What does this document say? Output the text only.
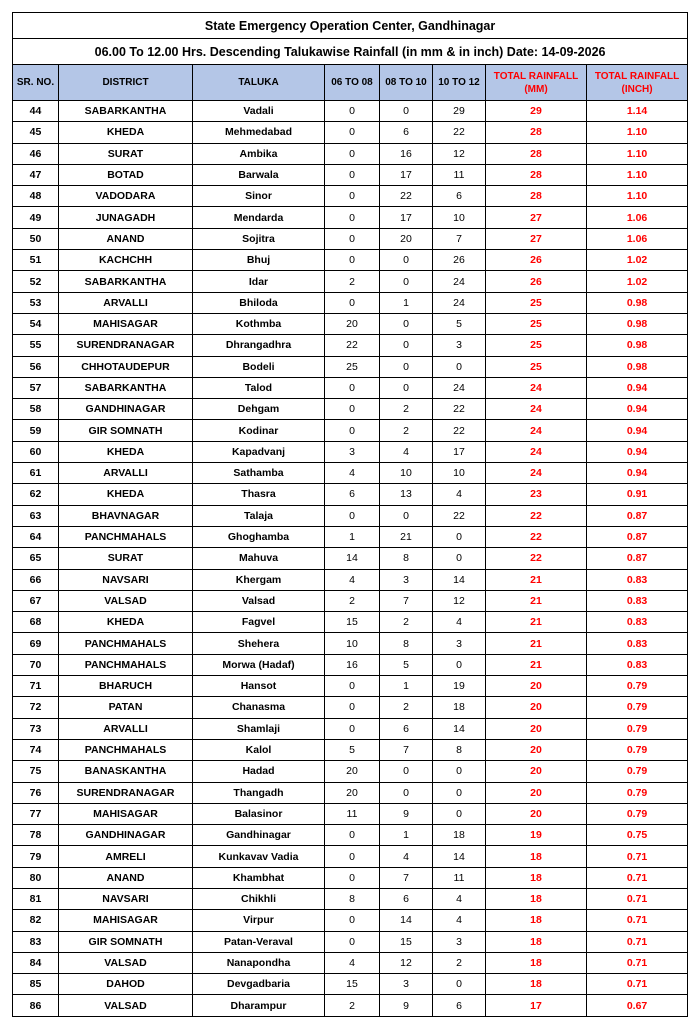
State Emergency Operation Center, Gandhinagar							
06.00 To 12.00 Hrs. Descending Talukawise Rainfall (in mm & in inch) Date: 14-09-2026							
SR. NO.	DISTRICT	TALUKA	06 TO 08	08 TO 10	10 TO 12	TOTAL RAINFALL (MM)	TOTAL RAINFALL (INCH)
44	SABARKANTHA	Vadali	0	0	29	29	1.14
45	KHEDA	Mehmedabad	0	6	22	28	1.10
46	SURAT	Ambika	0	16	12	28	1.10
47	BOTAD	Barwala	0	17	11	28	1.10
48	VADODARA	Sinor	0	22	6	28	1.10
49	JUNAGADH	Mendarda	0	17	10	27	1.06
50	ANAND	Sojitra	0	20	7	27	1.06
51	KACHCHH	Bhuj	0	0	26	26	1.02
52	SABARKANTHA	Idar	2	0	24	26	1.02
53	ARVALLI	Bhiloda	0	1	24	25	0.98
54	MAHISAGAR	Kothmba	20	0	5	25	0.98
55	SURENDRANAGAR	Dhrangadhra	22	0	3	25	0.98
56	CHHOTAUDEPUR	Bodeli	25	0	0	25	0.98
57	SABARKANTHA	Talod	0	0	24	24	0.94
58	GANDHINAGAR	Dehgam	0	2	22	24	0.94
59	GIR SOMNATH	Kodinar	0	2	22	24	0.94
60	KHEDA	Kapadvanj	3	4	17	24	0.94
61	ARVALLI	Sathamba	4	10	10	24	0.94
62	KHEDA	Thasra	6	13	4	23	0.91
63	BHAVNAGAR	Talaja	0	0	22	22	0.87
64	PANCHMAHALS	Ghoghamba	1	21	0	22	0.87
65	SURAT	Mahuva	14	8	0	22	0.87
66	NAVSARI	Khergam	4	3	14	21	0.83
67	VALSAD	Valsad	2	7	12	21	0.83
68	KHEDA	Fagvel	15	2	4	21	0.83
69	PANCHMAHALS	Shehera	10	8	3	21	0.83
70	PANCHMAHALS	Morwa (Hadaf)	16	5	0	21	0.83
71	BHARUCH	Hansot	0	1	19	20	0.79
72	PATAN	Chanasma	0	2	18	20	0.79
73	ARVALLI	Shamlaji	0	6	14	20	0.79
74	PANCHMAHALS	Kalol	5	7	8	20	0.79
75	BANASKANTHA	Hadad	20	0	0	20	0.79
76	SURENDRANAGAR	Thangadh	20	0	0	20	0.79
77	MAHISAGAR	Balasinor	11	9	0	20	0.79
78	GANDHINAGAR	Gandhinagar	0	1	18	19	0.75
79	AMRELI	Kunkavav Vadia	0	4	14	18	0.71
80	ANAND	Khambhat	0	7	11	18	0.71
81	NAVSARI	Chikhli	8	6	4	18	0.71
82	MAHISAGAR	Virpur	0	14	4	18	0.71
83	GIR SOMNATH	Patan-Veraval	0	15	3	18	0.71
84	VALSAD	Nanapondha	4	12	2	18	0.71
85	DAHOD	Devgadbaria	15	3	0	18	0.71
86	VALSAD	Dharampur	2	9	6	17	0.67
